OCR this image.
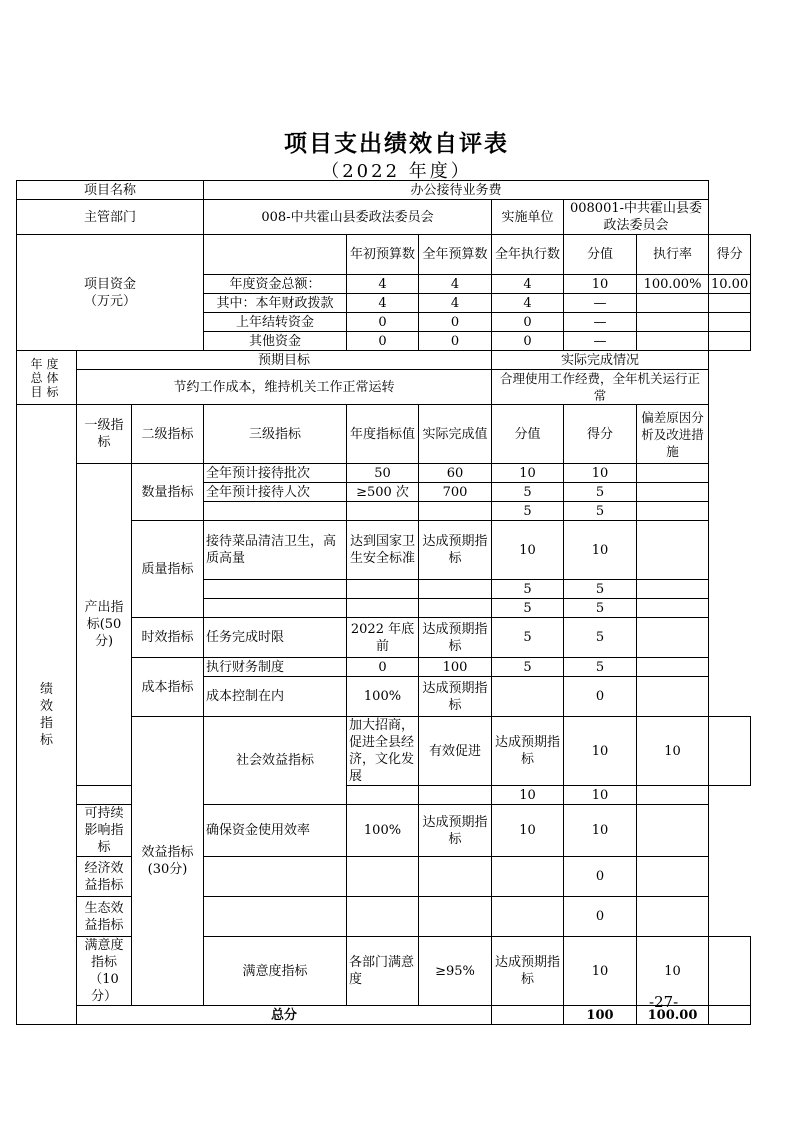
项目支出绩效自评表
（2022 年度）
项目名称			办公接待业务费						
主管部门			008-中共霍山县委政法委员会			实施单位	008001-中共霍山县委政法委员会		

项目资金
（万元）				年初预算数	全年预算数	全年执行数	分值	执行率	得分
			年度资金总额：	4	4	4	10	100.00%	10.00
			其中：本年财政拨款	4	4	4	—		
			上年结转资金	0	0	0	—		
			其他资金	0	0	0	—		
年度总体目标	预期目标					实际完成情况			
	节约工作成本，维持机关工作正常运转					合理使用工作经费，全年机关运行正常			

绩效指标	一级指标	二级指标	三级指标	年度指标值	实际完成值	分值	得分	偏差原因分析及改进措施	
	产出指标(50分)	数量指标	全年预计接待批次	50	60	10	10		
			全年预计接待人次	≥500 次	700	5	5		
						5	5		
		质量指标	接待菜品清洁卫生，高质高量	达到国家卫生安全标准	达成预期指标	10	10		
						5	5		
						5	5		
		时效指标	任务完成时限	2022 年底前	达成预期指标	5	5		
		成本指标	执行财务制度	0	100	5	5		
			成本控制在内	100%	达成预期指标		0		
		效益指标(30分)	社会效益指标	加大招商，促进全县经济，文化发展	有效促进	达成预期指标	10	10	
						10	10		
	可持续影响指标		确保资金使用效率	100%	达成预期指标	10	10		
	经济效益指标						0		
	生态效益指标						0		
	满意度指标（10 分）		满意度指标	各部门满意度	≥95%	达成预期指标	10	10	
	总分						100	100.00	
-27-
